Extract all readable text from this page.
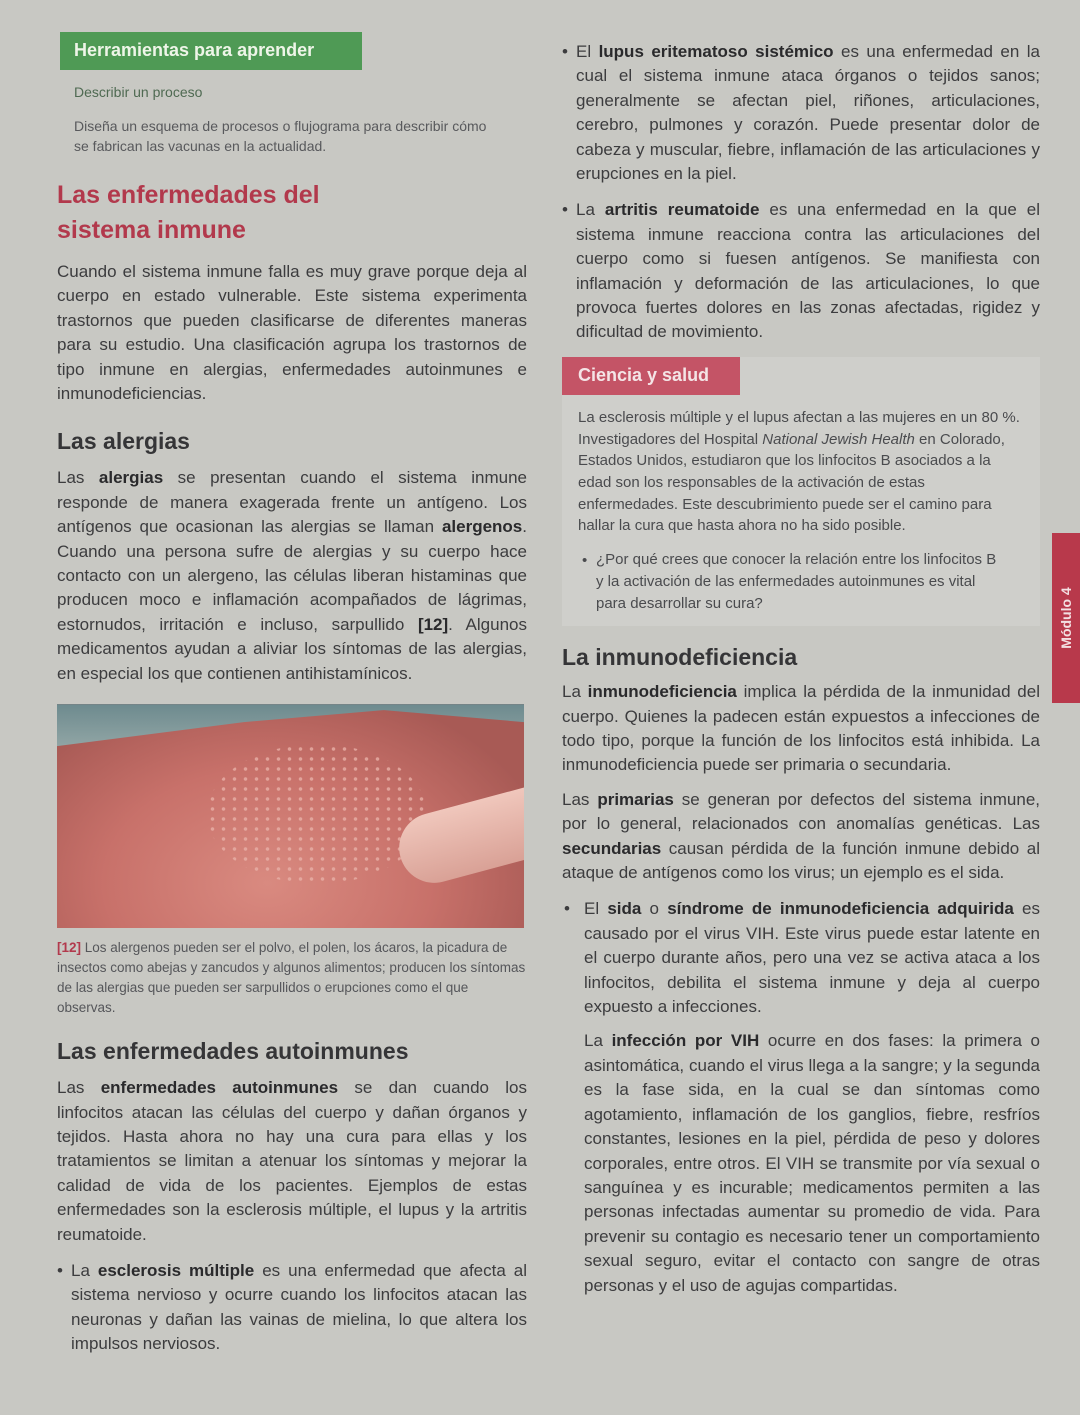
Herramientas para aprender
Describir un proceso
Diseña un esquema de procesos o flujograma para describir cómo se fabrican las vacunas en la actualidad.
Las enfermedades del sistema inmune
Cuando el sistema inmune falla es muy grave porque deja al cuerpo en estado vulnerable. Este sistema experimenta trastornos que pueden clasificarse de diferentes maneras para su estudio. Una clasificación agrupa los trastornos de tipo inmune en alergias, enfermedades autoinmunes e inmunodeficiencias.
Las alergias
Las alergias se presentan cuando el sistema inmune responde de manera exagerada frente un antígeno. Los antígenos que ocasionan las alergias se llaman alergenos. Cuando una persona sufre de alergias y su cuerpo hace contacto con un alergeno, las células liberan histaminas que producen moco e inflamación acompañados de lágrimas, estornudos, irritación e incluso, sarpullido [12]. Algunos medicamentos ayudan a aliviar los síntomas de las alergias, en especial los que contienen antihistamínicos.
[12] Los alergenos pueden ser el polvo, el polen, los ácaros, la picadura de insectos como abejas y zancudos y algunos alimentos; producen los síntomas de las alergias que pueden ser sarpullidos o erupciones como el que observas.
Las enfermedades autoinmunes
Las enfermedades autoinmunes se dan cuando los linfocitos atacan las células del cuerpo y dañan órganos y tejidos. Hasta ahora no hay una cura para ellas y los tratamientos se limitan a atenuar los síntomas y mejorar la calidad de vida de los pacientes. Ejemplos de estas enfermedades son la esclerosis múltiple, el lupus y la artritis reumatoide.
• La esclerosis múltiple es una enfermedad que afecta al sistema nervioso y ocurre cuando los linfocitos atacan las neuronas y dañan las vainas de mielina, lo que altera los impulsos nerviosos.
• El lupus eritematoso sistémico es una enfermedad en la cual el sistema inmune ataca órganos o tejidos sanos; generalmente se afectan piel, riñones, articulaciones, cerebro, pulmones y corazón. Puede presentar dolor de cabeza y muscular, fiebre, inflamación de las articulaciones y erupciones en la piel.
• La artritis reumatoide es una enfermedad en la que el sistema inmune reacciona contra las articulaciones del cuerpo como si fuesen antígenos. Se manifiesta con inflamación y deformación de las articulaciones, lo que provoca fuertes dolores en las zonas afectadas, rigidez y dificultad de movimiento.
Ciencia y salud
La esclerosis múltiple y el lupus afectan a las mujeres en un 80 %. Investigadores del Hospital National Jewish Health en Colorado, Estados Unidos, estudiaron que los linfocitos B asociados a la edad son los responsables de la activación de estas enfermedades. Este descubrimiento puede ser el camino para hallar la cura que hasta ahora no ha sido posible.
• ¿Por qué crees que conocer la relación entre los linfocitos B y la activación de las enfermedades autoinmunes es vital para desarrollar su cura?
La inmunodeficiencia
La inmunodeficiencia implica la pérdida de la inmunidad del cuerpo. Quienes la padecen están expuestos a infecciones de todo tipo, porque la función de los linfocitos está inhibida. La inmunodeficiencia puede ser primaria o secundaria.
Las primarias se generan por defectos del sistema inmune, por lo general, relacionados con anomalías genéticas. Las secundarias causan pérdida de la función inmune debido al ataque de antígenos como los virus; un ejemplo es el sida.
• El sida o síndrome de inmunodeficiencia adquirida es causado por el virus VIH. Este virus puede estar latente en el cuerpo durante años, pero una vez se activa ataca a los linfocitos, debilita el sistema inmune y deja al cuerpo expuesto a infecciones.
La infección por VIH ocurre en dos fases: la primera o asintomática, cuando el virus llega a la sangre; y la segunda es la fase sida, en la cual se dan síntomas como agotamiento, inflamación de los ganglios, fiebre, resfríos constantes, lesiones en la piel, pérdida de peso y dolores corporales, entre otros. El VIH se transmite por vía sexual o sanguínea y es incurable; medicamentos permiten a las personas infectadas aumentar su promedio de vida. Para prevenir su contagio es necesario tener un comportamiento sexual seguro, evitar el contacto con sangre de otras personas y el uso de agujas compartidas.
Módulo 4
